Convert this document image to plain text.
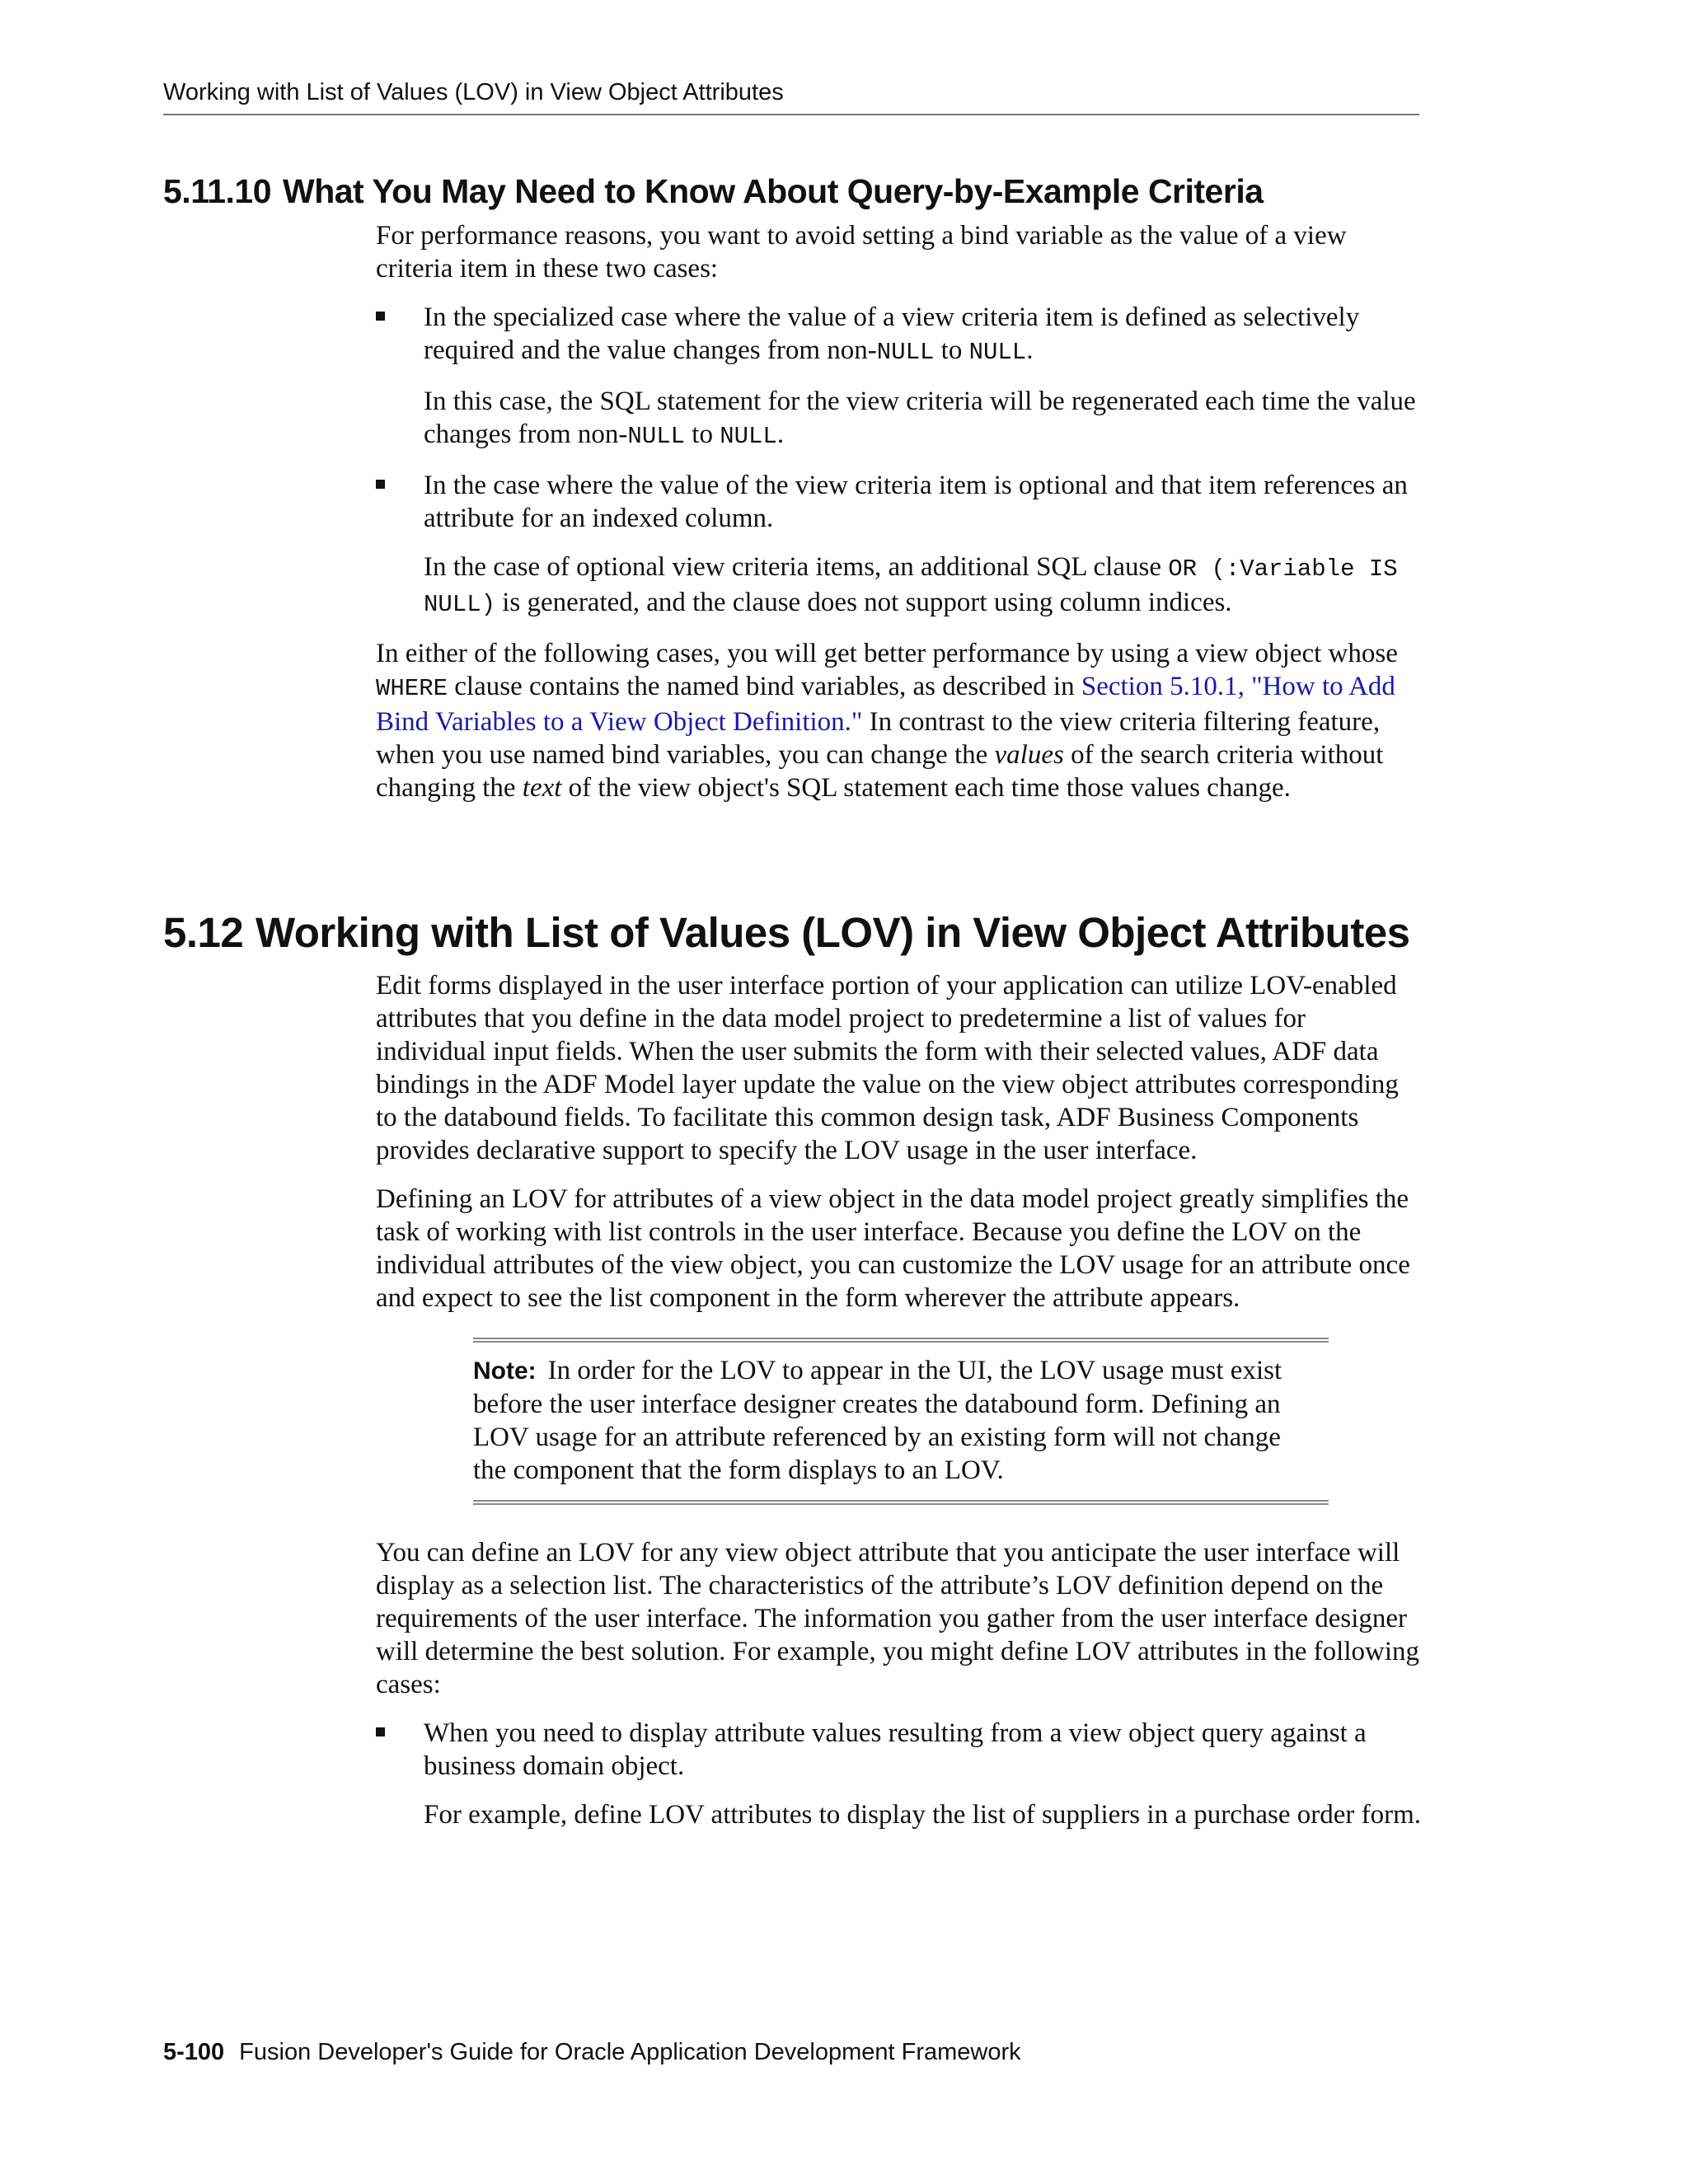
Working with List of Values (LOV) in View Object Attributes
5.11.10 What You May Need to Know About Query-by-Example Criteria

For performance reasons, you want to avoid setting a bind variable as the value of a view criteria item in these two cases:

In the specialized case where the value of a view criteria item is defined as selectively required and the value changes from non-NULL to NULL.

In this case, the SQL statement for the view criteria will be regenerated each time the value changes from non-NULL to NULL.

In the case where the value of the view criteria item is optional and that item references an attribute for an indexed column.

In the case of optional view criteria items, an additional SQL clause OR (:Variable IS NULL) is generated, and the clause does not support using column indices.

In either of the following cases, you will get better performance by using a view object whose WHERE clause contains the named bind variables, as described in Section 5.10.1, "How to Add Bind Variables to a View Object Definition." In contrast to the view criteria filtering feature, when you use named bind variables, you can change the values of the search criteria without changing the text of the view object's SQL statement each time those values change.

5.12 Working with List of Values (LOV) in View Object Attributes

Edit forms displayed in the user interface portion of your application can utilize LOV-enabled attributes that you define in the data model project to predetermine a list of values for individual input fields. When the user submits the form with their selected values, ADF data bindings in the ADF Model layer update the value on the view object attributes corresponding to the databound fields. To facilitate this common design task, ADF Business Components provides declarative support to specify the LOV usage in the user interface.

Defining an LOV for attributes of a view object in the data model project greatly simplifies the task of working with list controls in the user interface. Because you define the LOV on the individual attributes of the view object, you can customize the LOV usage for an attribute once and expect to see the list component in the form wherever the attribute appears.

Note: In order for the LOV to appear in the UI, the LOV usage must exist before the user interface designer creates the databound form. Defining an LOV usage for an attribute referenced by an existing form will not change the component that the form displays to an LOV.

You can define an LOV for any view object attribute that you anticipate the user interface will display as a selection list. The characteristics of the attribute’s LOV definition depend on the requirements of the user interface. The information you gather from the user interface designer will determine the best solution. For example, you might define LOV attributes in the following cases:

When you need to display attribute values resulting from a view object query against a business domain object.

For example, define LOV attributes to display the list of suppliers in a purchase order form.

5-100 Fusion Developer's Guide for Oracle Application Development Framework
